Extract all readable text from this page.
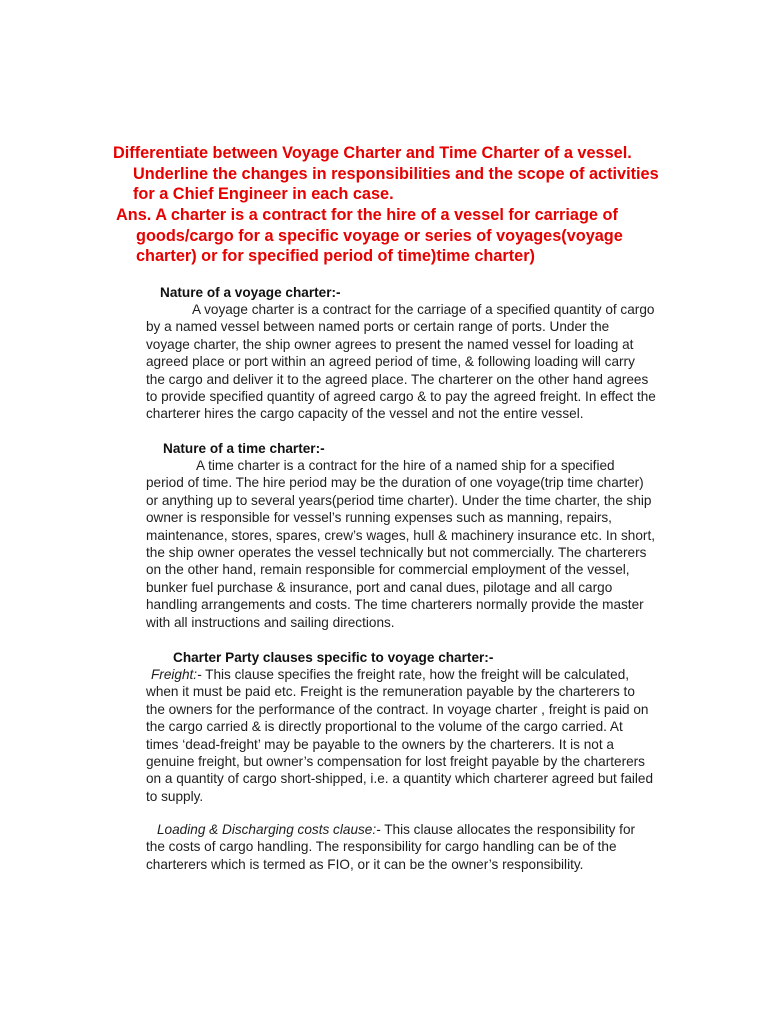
Differentiate between Voyage Charter and Time Charter of a vessel. Underline the changes in responsibilities and the scope of activities for a Chief Engineer in each case.

Ans. A charter is a contract for the hire of a vessel for carriage of goods/cargo for a specific voyage or series of voyages(voyage charter) or for specified period of time)time charter)

Nature of a voyage charter:-

A voyage charter is a contract for the carriage of a specified quantity of cargo by a named vessel between named ports or certain range of ports. Under the voyage charter, the ship owner agrees to present the named vessel for loading at agreed place or port within an agreed period of time, & following loading will carry the cargo and deliver it to the agreed place. The charterer on the other hand agrees to provide specified quantity of agreed cargo & to pay the agreed freight. In effect the charterer hires the cargo capacity of the vessel and not the entire vessel.

Nature of a time charter:-

A time charter is a contract for the hire of a named ship for a specified period of time. The hire period may be the duration of one voyage(trip time charter) or anything up to several years(period time charter). Under the time charter, the ship owner is responsible for vessel’s running expenses such as manning, repairs, maintenance, stores, spares, crew’s wages, hull & machinery insurance etc. In short, the ship owner operates the vessel technically but not commercially. The charterers on the other hand, remain responsible for commercial employment of the vessel, bunker fuel purchase & insurance, port and canal dues, pilotage and all cargo handling arrangements and costs. The time charterers normally provide the master with all instructions and sailing directions.

Charter Party clauses specific to voyage charter:-

Freight:- This clause specifies the freight rate, how the freight will be calculated, when it must be paid etc. Freight is the remuneration payable by the charterers to the owners for the performance of the contract. In voyage charter , freight is paid on the cargo carried & is directly proportional to the volume of the cargo carried. At times ‘dead-freight’ may be payable to the owners by the charterers. It is not a genuine freight, but owner’s compensation for lost freight payable by the charterers on a quantity of cargo short-shipped, i.e. a quantity which charterer agreed but failed to supply.

Loading & Discharging costs clause:- This clause allocates the responsibility for the costs of cargo handling. The responsibility for cargo handling can be of the charterers which is termed as FIO, or it can be the owner’s responsibility.
